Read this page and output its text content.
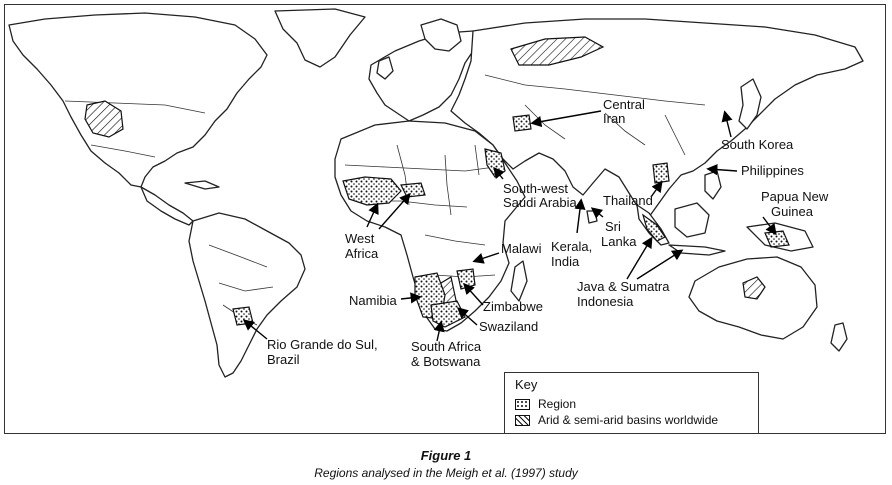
Central Iran
South Korea
Philippines
Papua New Guinea
Thailand
South-west Saudi Arabia
Sri Lanka
Kerala, India
West Africa	Malawi
Java & Sumatra Indonesia
Namibia	Zimbabwe
Swaziland
South Africa & Botswana
Rio Grande do Sul, Brazil
Key
Region
Arid & semi-arid basins worldwide
Figure 1
Regions analysed in the Meigh et al. (1997) study
